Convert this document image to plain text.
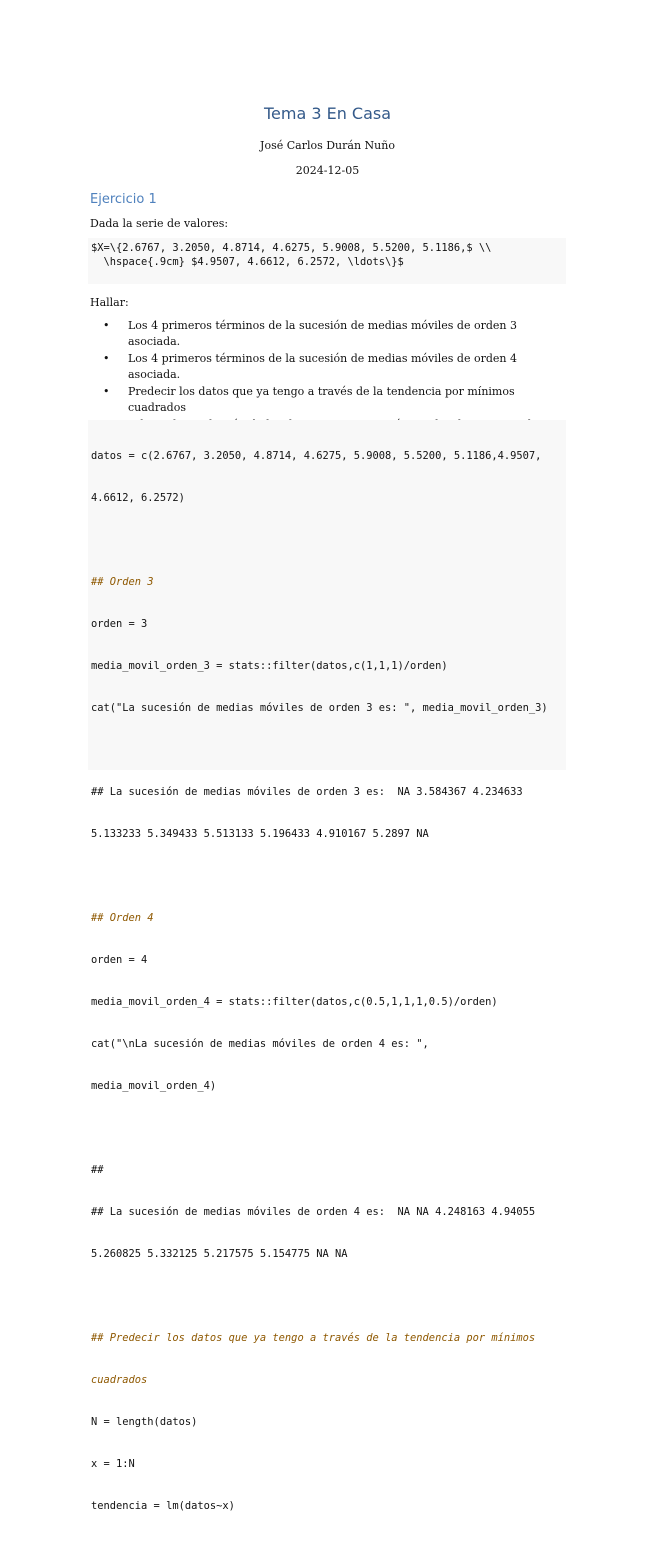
Tema 3 En Casa
José Carlos Durán Nuño
2024-12-05
Ejercicio 1
Dada la serie de valores:
$X=\{2.6767, 3.2050, 4.8714, 4.6275, 5.9008, 5.5200, 5.1186,$ \\
\hspace{.9cm} $4.9507, 4.6612, 6.2572, \ldots\}$
Hallar:
• Los 4 primeros términos de la sucesión de medias móviles de orden 3 asociada.
• Los 4 primeros términos de la sucesión de medias móviles de orden 4 asociada.
• Predecir los datos que ya tengo a través de la tendencia por mínimos cuadrados
•
•

datos = c(2.6767, 3.2050, 4.8714, 4.6275, 5.9008, 5.5200, 5.1186,4.9507,

4.6612, 6.2572)

## Orden 3

orden = 3

media_movil_orden_3 = stats::filter(datos,c(1,1,1)/orden)

cat("La sucesión de medias móviles de orden 3 es: ", media_movil_orden_3)

## La sucesión de medias móviles de orden 3 es:  NA 3.584367 4.234633

5.133233 5.349433 5.513133 5.196433 4.910167 5.2897 NA

## Orden 4

orden = 4

media_movil_orden_4 = stats::filter(datos,c(0.5,1,1,1,0.5)/orden)

cat("\nLa sucesión de medias móviles de orden 4 es: ",

media_movil_orden_4)

##

## La sucesión de medias móviles de orden 4 es:  NA NA 4.248163 4.94055

5.260825 5.332125 5.217575 5.154775 NA NA

## Predecir los datos que ya tengo a través de la tendencia por mínimos

cuadrados

N = length(datos)

x = 1:N

tendencia = lm(datos~x)
